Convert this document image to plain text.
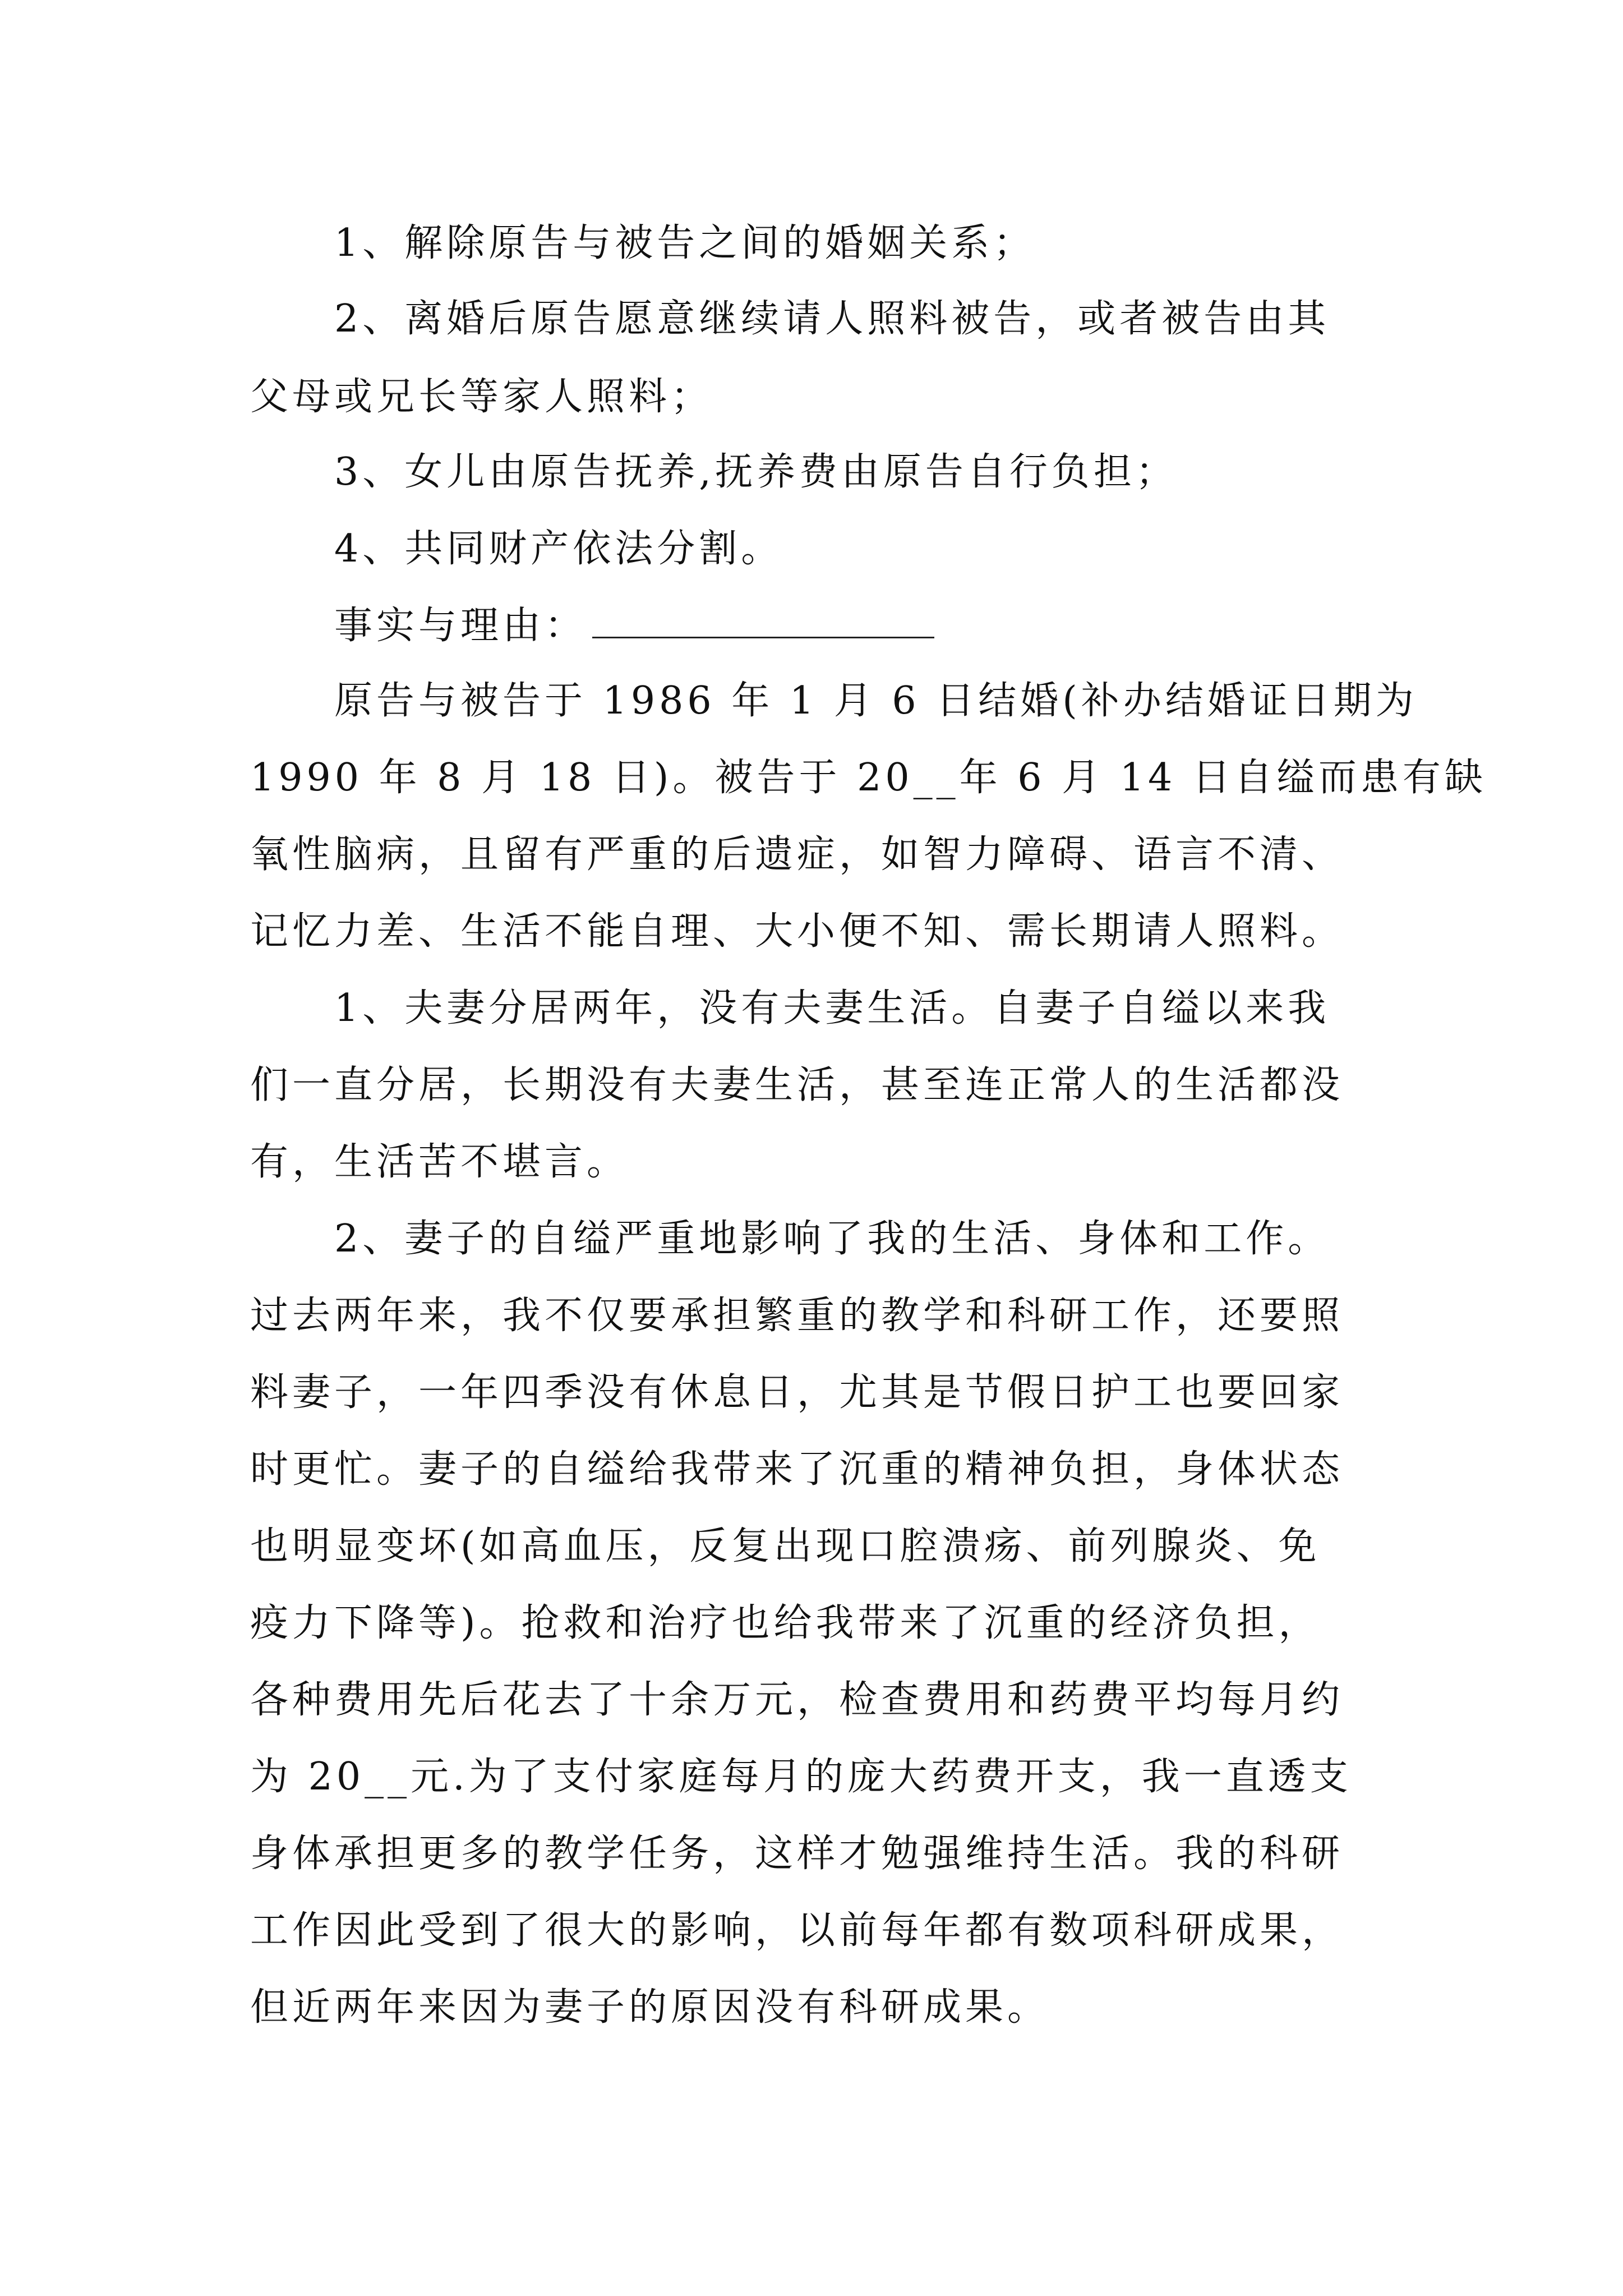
1、解除原告与被告之间的婚姻关系；
2、离婚后原告愿意继续请人照料被告，或者被告由其
父母或兄长等家人照料；
3、女儿由原告抚养,抚养费由原告自行负担；
4、共同财产依法分割。
事实与理由：
原告与被告于 1986 年 1 月 6 日结婚(补办结婚证日期为
1990 年 8 月 18 日)。被告于 20__年 6 月 14 日自缢而患有缺
氧性脑病，且留有严重的后遗症，如智力障碍、语言不清、
记忆力差、生活不能自理、大小便不知、需长期请人照料。
1、夫妻分居两年，没有夫妻生活。自妻子自缢以来我
们一直分居，长期没有夫妻生活，甚至连正常人的生活都没
有，生活苦不堪言。
2、妻子的自缢严重地影响了我的生活、身体和工作。
过去两年来，我不仅要承担繁重的教学和科研工作，还要照
料妻子，一年四季没有休息日，尤其是节假日护工也要回家
时更忙。妻子的自缢给我带来了沉重的精神负担，身体状态
也明显变坏(如高血压，反复出现口腔溃疡、前列腺炎、免
疫力下降等)。抢救和治疗也给我带来了沉重的经济负担，
各种费用先后花去了十余万元，检查费用和药费平均每月约
为 20__元.为了支付家庭每月的庞大药费开支，我一直透支
身体承担更多的教学任务，这样才勉强维持生活。我的科研
工作因此受到了很大的影响，以前每年都有数项科研成果，
但近两年来因为妻子的原因没有科研成果。
